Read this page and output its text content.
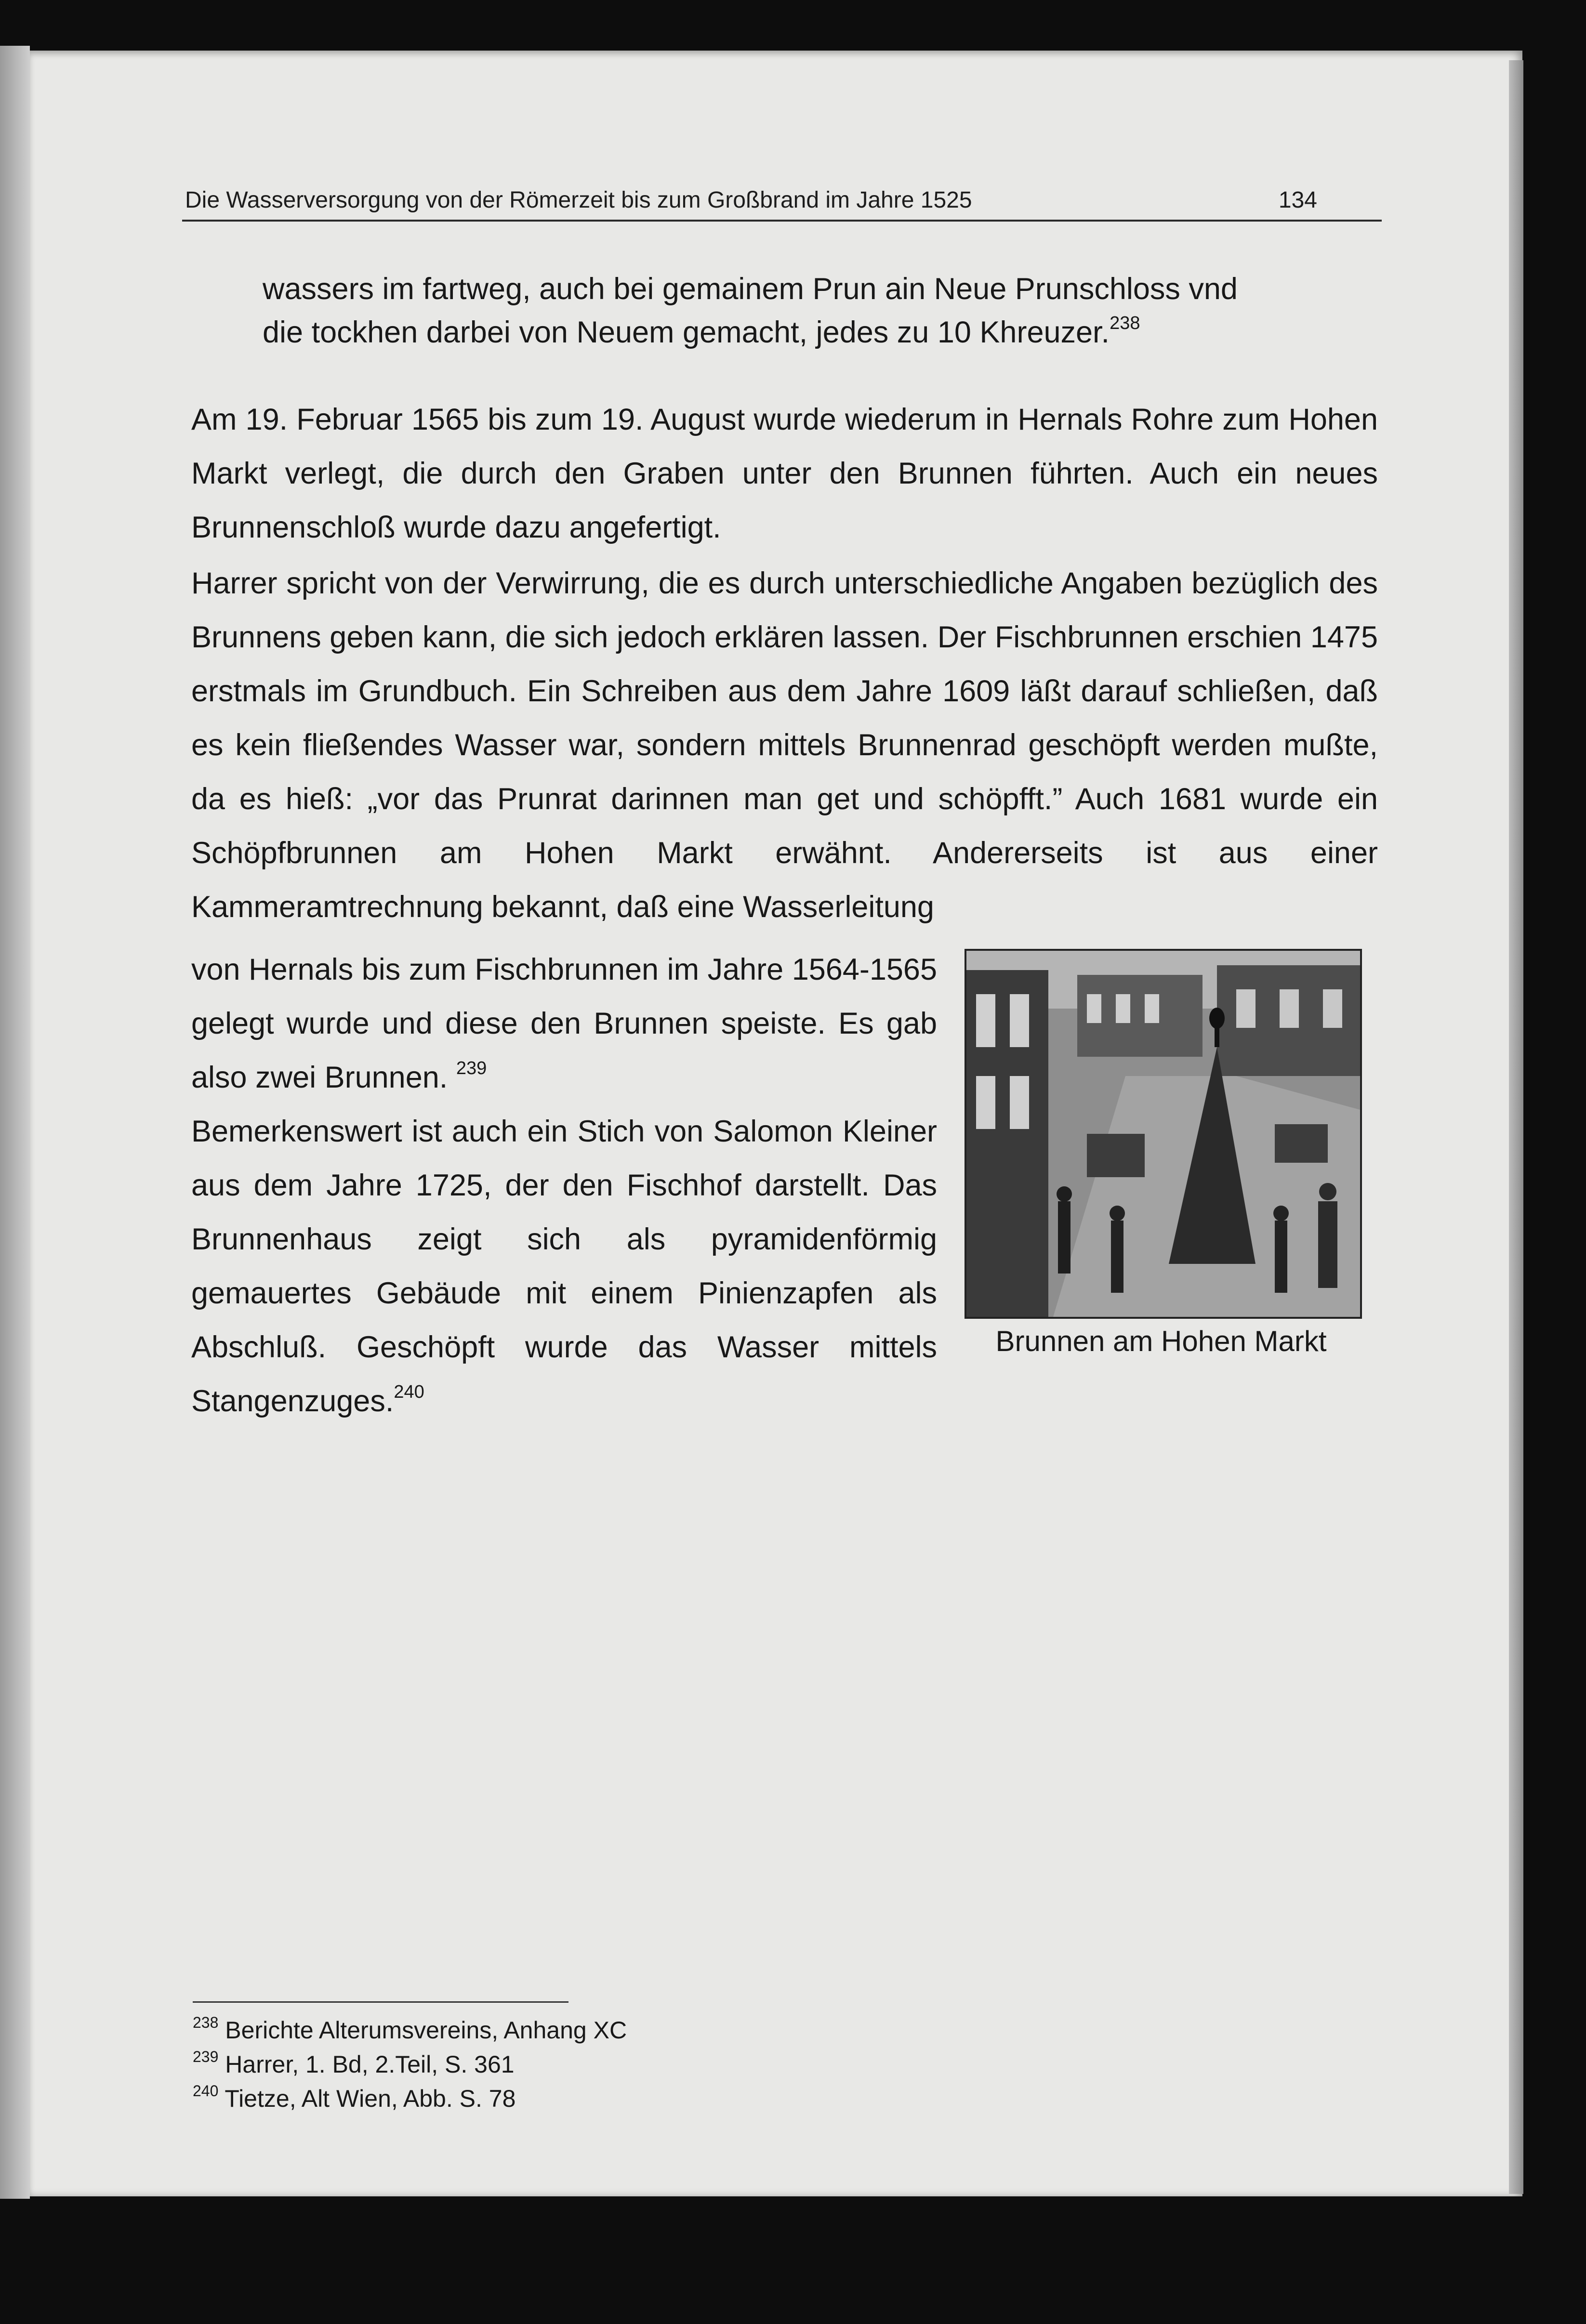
Die Wasserversorgung von der Römerzeit bis zum Großbrand im Jahre 1525	134
wassers im fartweg, auch bei gemainem Prun ain Neue Prunschloss vnd
die tockhen darbei von Neuem gemacht, jedes zu 10 Khreuzer.$^{238}$

Am 19. Februar 1565 bis zum 19. August wurde wiederum in Hernals Rohre zum Hohen Markt verlegt, die durch den Graben unter den Brunnen führten. Auch ein neues Brunnenschloß wurde dazu angefertigt.

Harrer spricht von der Verwirrung, die es durch unterschiedliche Angaben bezüglich des Brunnens geben kann, die sich jedoch erklären lassen. Der Fischbrunnen erschien 1475 erstmals im Grundbuch. Ein Schreiben aus dem Jahre 1609 läßt darauf schließen, daß es kein fließendes Wasser war, sondern mittels Brunnenrad geschöpft werden mußte, da es hieß: „vor das Prunrat darinnen man get und schöpfft.” Auch 1681 wurde ein Schöpfbrunnen am Hohen Markt erwähnt. Andererseits ist aus einer Kammeramtrechnung bekannt, daß eine Wasserleitung

von Hernals bis zum Fischbrunnen im Jahre 1564-1565 gelegt wurde und diese den Brunnen speiste. Es gab also zwei Brunnen. $^{239}$

Bemerkenswert ist auch ein Stich von Salomon Kleiner aus dem Jahre 1725, der den Fischhof darstellt. Das Brunnenhaus zeigt sich als pyramidenförmig gemauertes Gebäude mit einem Pinienzapfen als Abschluß. Geschöpft wurde das Wasser mittels Stangenzuges.$^{240}$

Brunnen am Hohen Markt
$^{238}$ Berichte Alterumsvereins, Anhang XC
$^{239}$ Harrer, 1. Bd, 2.Teil, S. 361
$^{240}$ Tietze, Alt Wien, Abb. S. 78
